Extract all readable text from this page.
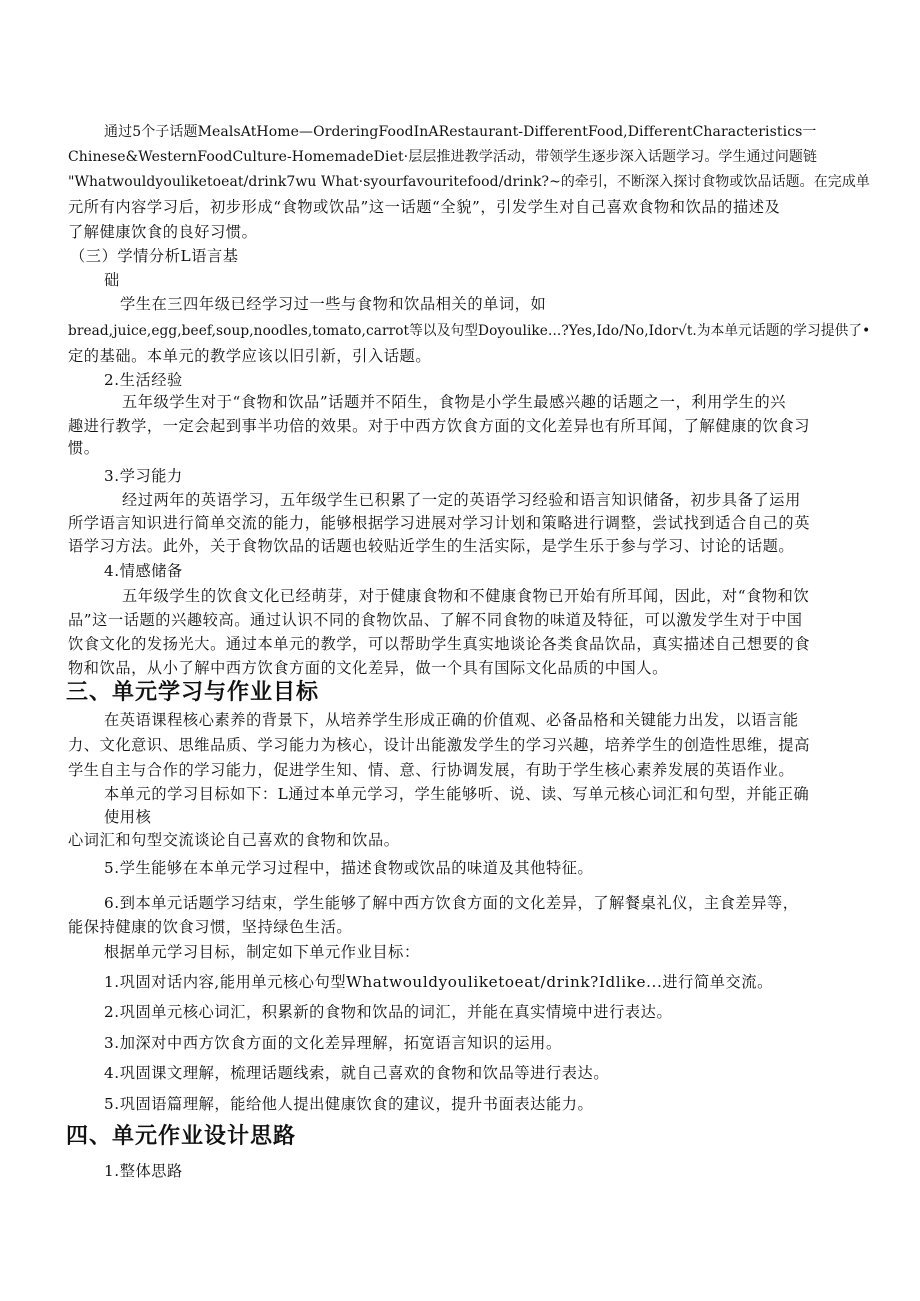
通过5个子话题MealsAtHome—OrderingFoodInARestaurant-DifferentFood,DifferentCharacteristics一
Chinese&WesternFoodCulture-HomemadeDiet·层层推进教学活动，带领学生逐步深入话题学习。学生通过问题链
"Whatwouldyouliketoeat/drink7wu What·syourfavouritefood/drink?~的牵引，不断深入探讨食物或饮品话题。在完成单
元所有内容学习后，初步形成“食物或饮品”这一话题“全貌”，引发学生对自己喜欢食物和饮品的描述及
了解健康饮食的良好习惯。
（三）学情分析L语言基
础
学生在三四年级已经学习过一些与食物和饮品相关的单词，如
bread,juice,egg,beef,soup,noodles,tomato,carrot等以及句型Doyoulike...?Yes,Ido/No,Idor√t.为本单元话题的学习提供了•
定的基础。本单元的教学应该以旧引新，引入话题。
2.生活经验
五年级学生对于“食物和饮品”话题并不陌生，食物是小学生最感兴趣的话题之一，利用学生的兴
趣进行教学，一定会起到事半功倍的效果。对于中西方饮食方面的文化差异也有所耳闻，了解健康的饮食习
惯。
3.学习能力
经过两年的英语学习，五年级学生已积累了一定的英语学习经验和语言知识储备，初步具备了运用
所学语言知识进行简单交流的能力，能够根据学习进展对学习计划和策略进行调整，尝试找到适合自己的英
语学习方法。此外，关于食物饮品的话题也较贴近学生的生活实际，是学生乐于参与学习、讨论的话题。
4.情感储备
五年级学生的饮食文化已经萌芽，对于健康食物和不健康食物已开始有所耳闻，因此，对“食物和饮
品”这一话题的兴趣较高。通过认识不同的食物饮品、了解不同食物的味道及特征，可以激发学生对于中国
饮食文化的发扬光大。通过本单元的教学，可以帮助学生真实地谈论各类食品饮品，真实描述自己想要的食
物和饮品，从小了解中西方饮食方面的文化差异，做一个具有国际文化品质的中国人。
三、单元学习与作业目标
在英语课程核心素养的背景下，从培养学生形成正确的价值观、必备品格和关键能力出发，以语言能
力、文化意识、思维品质、学习能力为核心，设计出能激发学生的学习兴趣，培养学生的创造性思维，提高
学生自主与合作的学习能力，促进学生知、情、意、行协调发展，有助于学生核心素养发展的英语作业。
本单元的学习目标如下：L通过本单元学习，学生能够听、说、读、写单元核心词汇和句型，并能正确
使用核
心词汇和句型交流谈论自己喜欢的食物和饮品。
5.学生能够在本单元学习过程中，描述食物或饮品的味道及其他特征。
6.到本单元话题学习结束，学生能够了解中西方饮食方面的文化差异，了解餐桌礼仪，主食差异等，
能保持健康的饮食习惯，坚持绿色生活。
根据单元学习目标，制定如下单元作业目标：
1.巩固对话内容,能用单元核心句型Whatwouldyouliketoeat/drink?Idlike...进行简单交流。
2.巩固单元核心词汇，积累新的食物和饮品的词汇，并能在真实情境中进行表达。
3.加深对中西方饮食方面的文化差异理解，拓宽语言知识的运用。
4.巩固课文理解，梳理话题线索，就自己喜欢的食物和饮品等进行表达。
5.巩固语篇理解，能给他人提出健康饮食的建议，提升书面表达能力。
四、单元作业设计思路
1.整体思路
